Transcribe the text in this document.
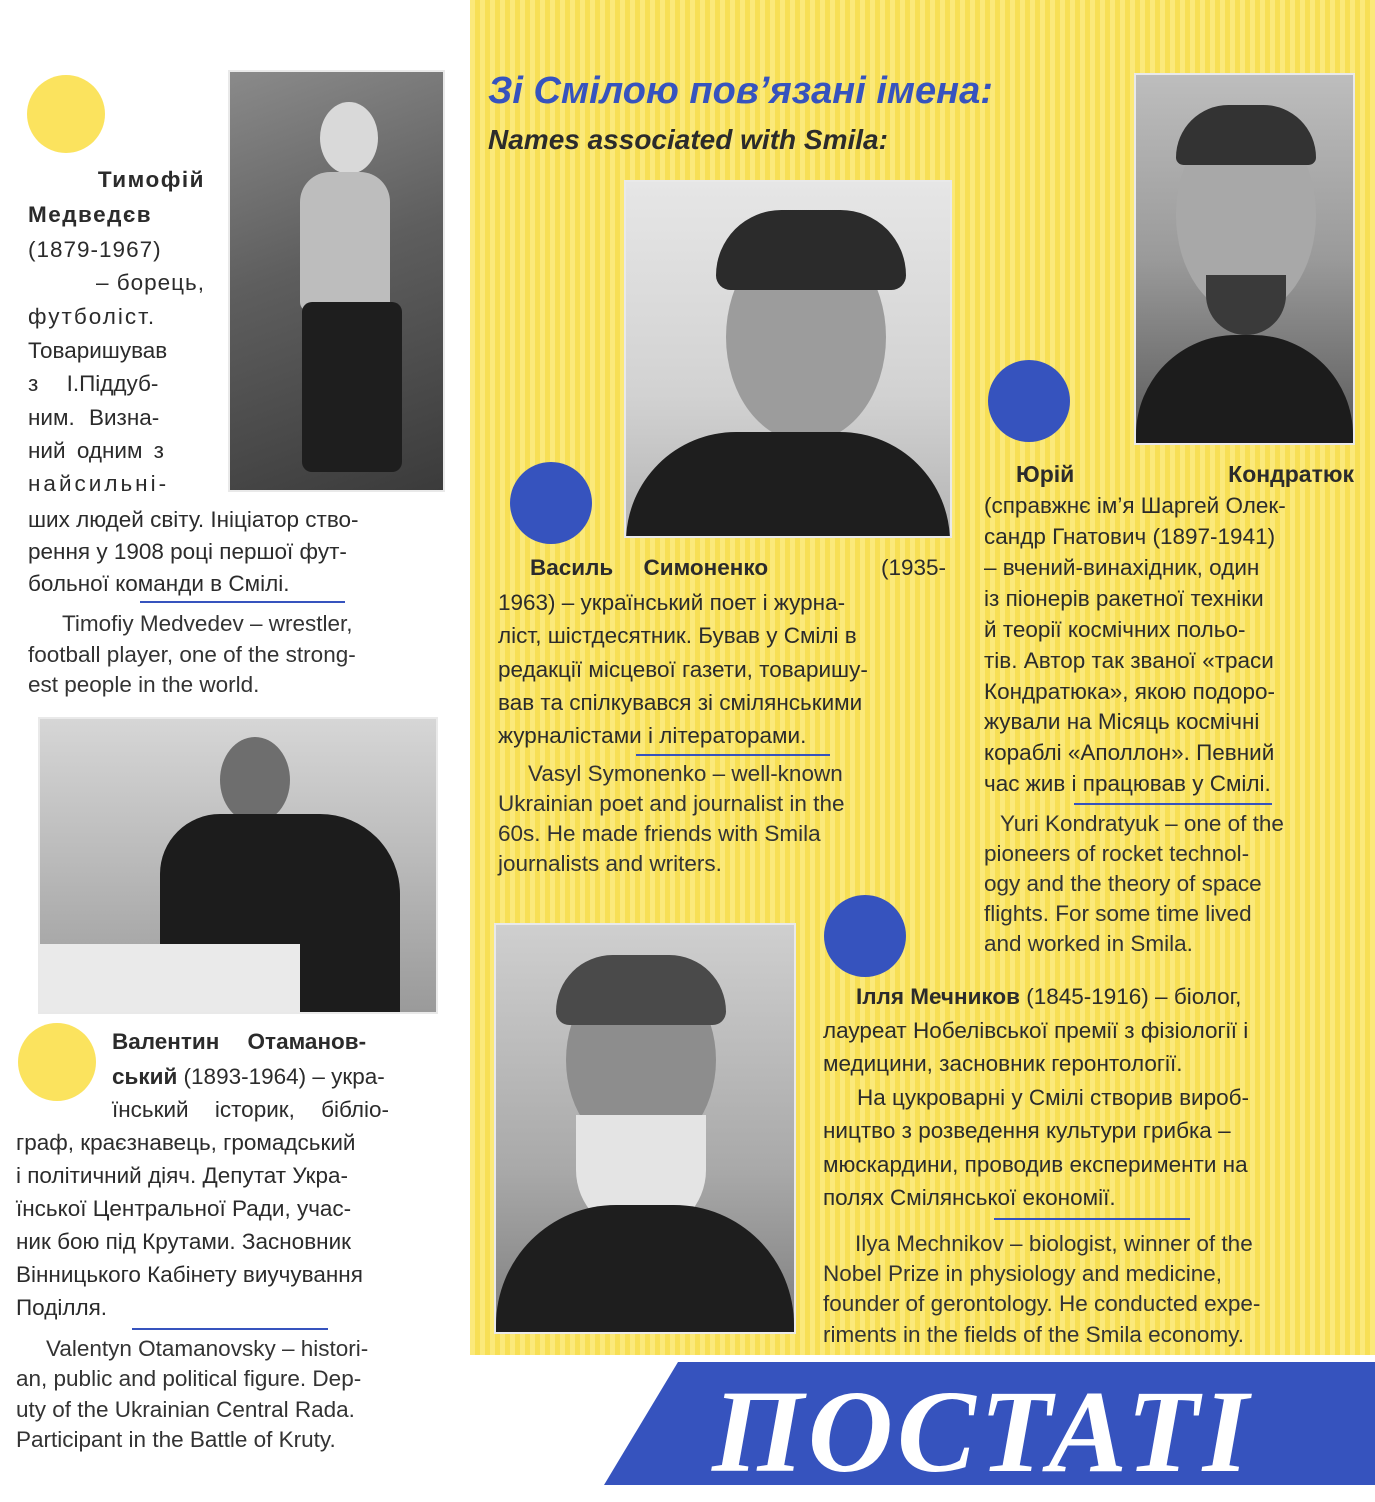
Зі Смілою пов’язані імена:
Names associated with Smila:
Тимофій
Медведєв
(1879-1967)
– борець,
футболіст.
Товаришував
з І.Піддуб-
ним. Визна-
ний одним з
найсильні-
ших людей світу. Ініціатор ство-
рення у 1908 році першої фут-
больної команди в Смілі.
Timofiy Medvedev – wrestler,
football player, one of the strong-
est people in the world.
Валентин Отаманов-
ський (1893-1964) – укра-
їнський історик, бібліо-
граф, краєзнавець, громадський
і політичний діяч. Депутат Укра-
їнської Центральної Ради, учас-
ник бою під Крутами. Засновник
Вінницького Кабінету виучування
Поділля.
Valentyn Otamanovsky – histori-
an, public and political figure. Dep-
uty of the Ukrainian Central Rada.
Participant in the Battle of Kruty.
Василь Симоненко	(1935-
1963) – український поет і журна-
ліст, шістдесятник. Бував у Смілі в
редакції місцевої газети, товаришу-
вав та спілкувався зі смілянськими
журналістами і літераторами.
Vasyl Symonenko – well-known
Ukrainian poet and journalist in the
60s. He made friends with Smila
journalists and writers.
Юрій	Кондратюк
(справжнє ім’я Шаргей Олек-
сандр Гнатович (1897-1941)
– вчений-винахідник, один
із піонерів ракетної техніки
й теорії космічних польо-
тів. Автор так званої «траси
Кондратюка», якою подоро-
жували на Місяць космічні
кораблі «Аполлон». Певний
час жив і працював у Смілі.
Yuri Kondratyuk – one of the
pioneers of rocket technol-
ogy and the theory of space
flights. For some time lived
and worked in Smila.
Ілля Мечников (1845-1916) – біолог,
лауреат Нобелівської премії з фізіології і
медицини, засновник геронтології.
На цукроварні у Смілі створив вироб-
ництво з розведення культури грибка –
мюскардини, проводив експерименти на
полях Смілянської економії.
Ilya Mechnikov – biologist, winner of the
Nobel Prize in physiology and medicine,
founder of gerontology. He conducted expe-
riments in the fields of the Smila economy.
ПОСТАТІ
